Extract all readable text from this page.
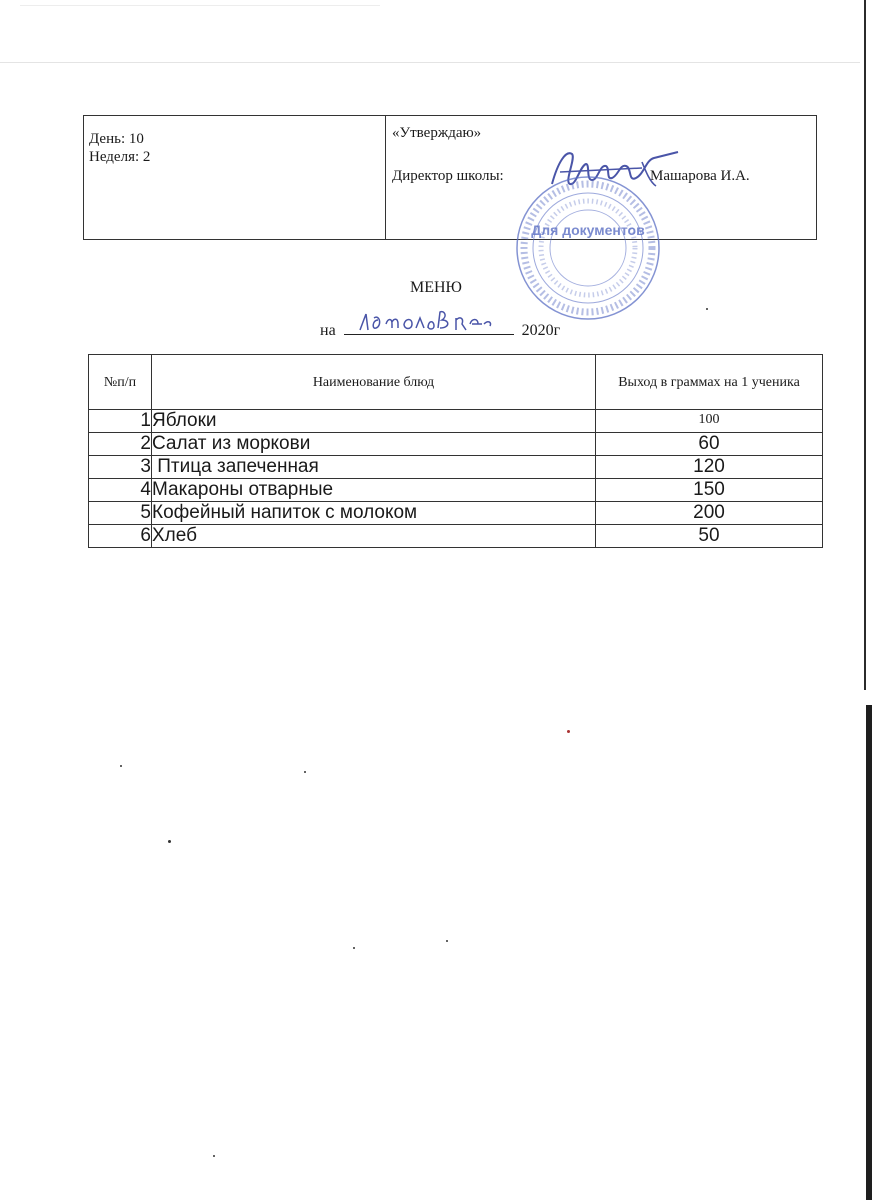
День: 10
Неделя: 2
«Утверждаю»
Директор школы:	Машарова И.А.
Для документов
МЕНЮ
на	2020г
№п/п	Наименование блюд	Выход в граммах на 1 ученика
1	Яблоки	100
2	Салат из моркови	60
3	Птица запеченная	120
4	Макароны отварные	150
5	Кофейный напиток с молоком	200
6	Хлеб	50
